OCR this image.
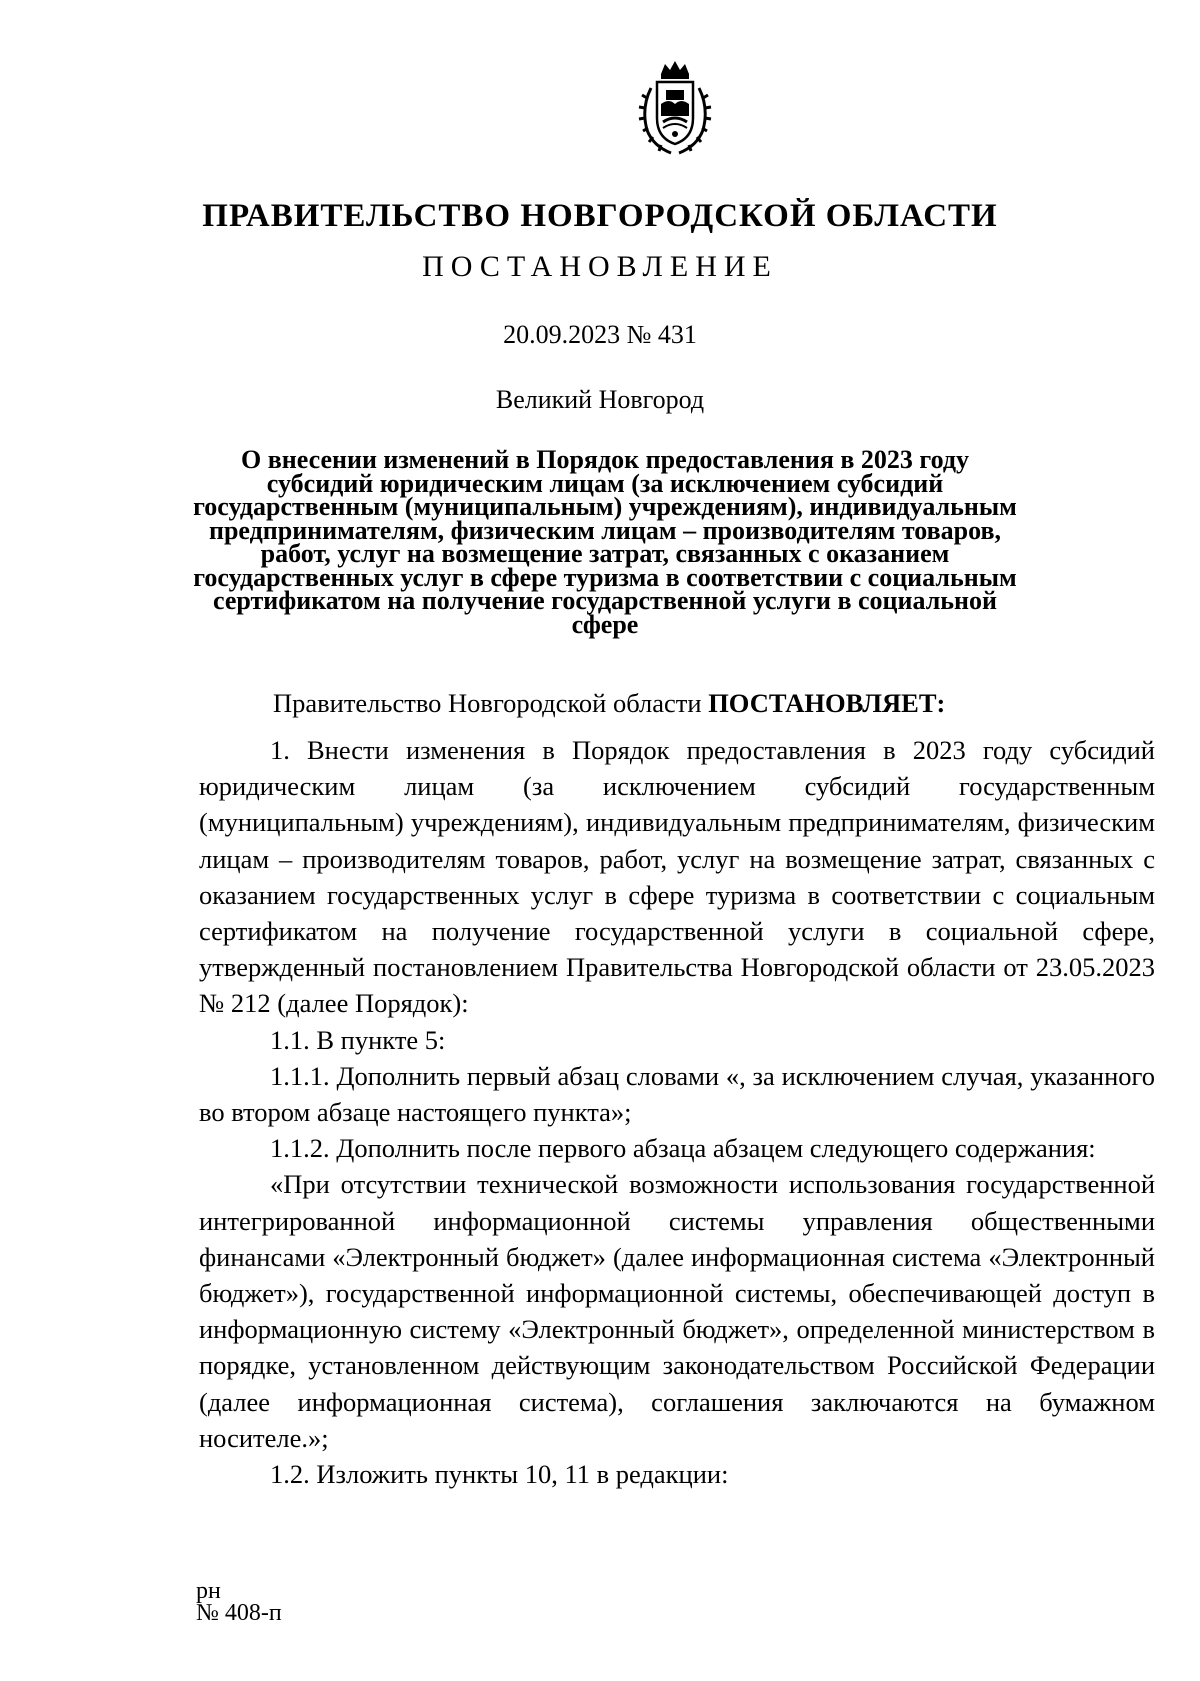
ПРАВИТЕЛЬСТВО НОВГОРОДСКОЙ ОБЛАСТИ
ПОСТАНОВЛЕНИЕ
20.09.2023 № 431
Великий Новгород
О внесении изменений в Порядок предоставления в 2023 году субсидий юридическим лицам (за исключением субсидий государственным (муниципальным) учреждениям), индивидуальным предпринимателям, физическим лицам – производителям товаров, работ, услуг на возмещение затрат, связанных с оказанием государственных услуг в сфере туризма в соответствии с социальным сертификатом на получение государственной услуги в социальной сфере
Правительство Новгородской области ПОСТАНОВЛЯЕТ:

1. Внести изменения в Порядок предоставления в 2023 году субсидий юридическим лицам (за исключением субсидий государственным (муниципальным) учреждениям), индивидуальным предпринимателям, физическим лицам – производителям товаров, работ, услуг на возмещение затрат, связанных с оказанием государственных услуг в сфере туризма в соответствии с социальным сертификатом на получение государственной услуги в социальной сфере, утвержденный постановлением Правительства Новгородской области от 23.05.2023 № 212 (далее Порядок):

1.1. В пункте 5:

1.1.1. Дополнить первый абзац словами «, за исключением случая, указанного во втором абзаце настоящего пункта»;

1.1.2. Дополнить после первого абзаца абзацем следующего содержания:

«При отсутствии технической возможности использования государственной интегрированной информационной системы управления общественными финансами «Электронный бюджет» (далее информационная система «Электронный бюджет»), государственной информационной системы, обеспечивающей доступ в информационную систему «Электронный бюджет», определенной министерством в порядке, установленном действующим законодательством Российской Федерации (далее информационная система), соглашения заключаются на бумажном носителе.»;

1.2. Изложить пункты 10, 11 в редакции:

рн
№ 408-п
